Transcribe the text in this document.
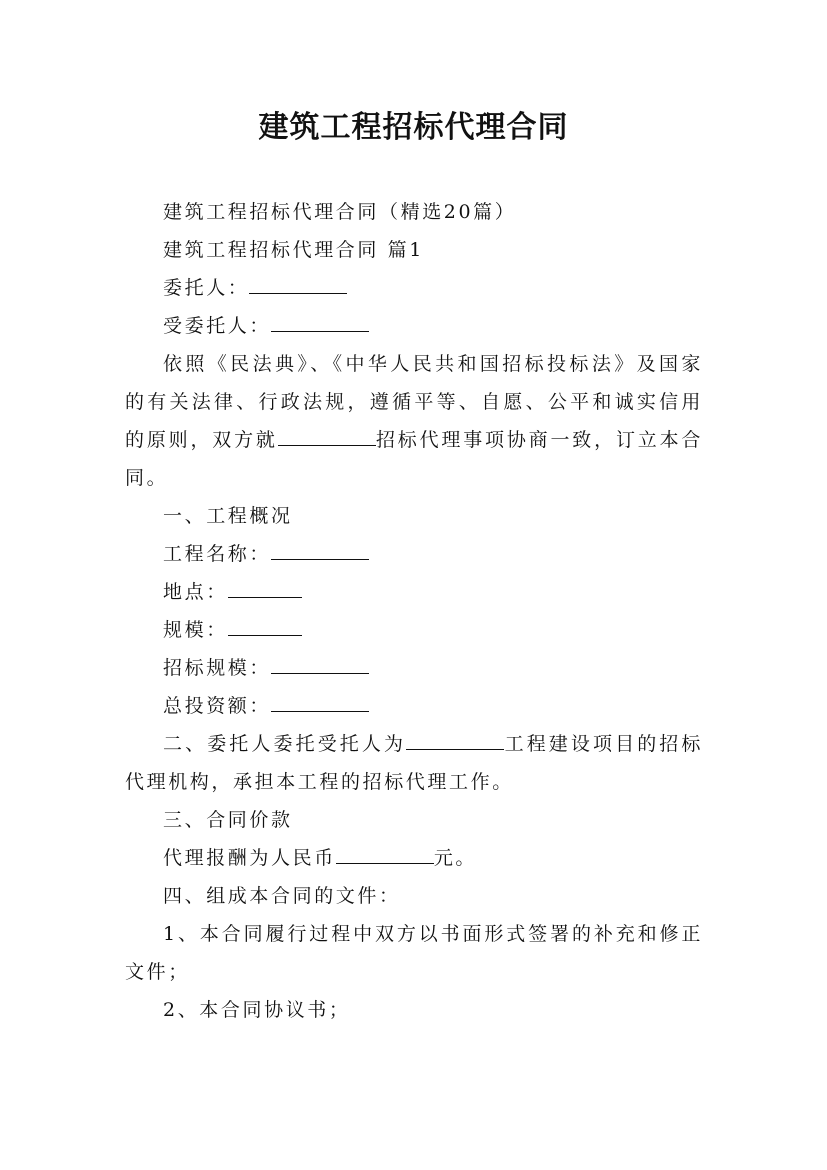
建筑工程招标代理合同

建筑工程招标代理合同（精选20篇）

建筑工程招标代理合同 篇1

委托人：

受委托人：

依照《民法典》、《中华人民共和国招标投标法》及国家的有关法律、行政法规，遵循平等、自愿、公平和诚实信用的原则，双方就	招标代理事项协商一致，订立本合同。

一、工程概况

工程名称：

地点：

规模：

招标规模：

总投资额：

二、委托人委托受托人为	工程建设项目的招标代理机构，承担本工程的招标代理工作。

三、合同价款

代理报酬为人民币	元。

四、组成本合同的文件：

1、本合同履行过程中双方以书面形式签署的补充和修正文件；

2、本合同协议书；
